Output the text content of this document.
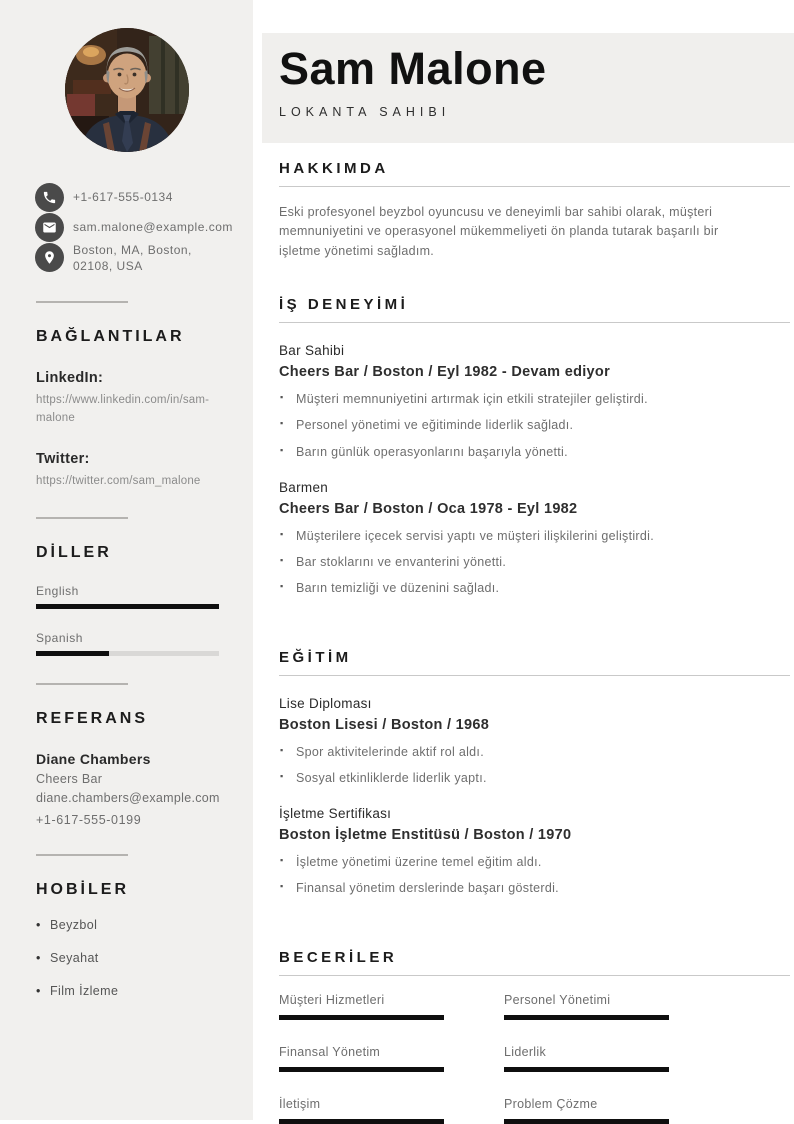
+1-617-555-0134
sam.malone@example.com
Boston, MA, Boston, 02108, USA
BAĞLANTILAR
LinkedIn:
https://www.linkedin.com/in/sam-malone
Twitter:
https://twitter.com/sam_malone
DİLLER
English
Spanish
REFERANS
Diane Chambers
Cheers Bar
diane.chambers@example.com
+1-617-555-0199
HOBİLER
• Beyzbol
• Seyahat
• Film İzleme
Sam Malone
LOKANTA SAHIBI
HAKKIMDA

Eski profesyonel beyzbol oyuncusu ve deneyimli bar sahibi olarak, müşteri memnuniyetini ve operasyonel mükemmeliyeti ön planda tutarak başarılı bir işletme yönetimi sağladım.

İŞ DENEYİMİ
Bar Sahibi
Cheers Bar / Boston / Eyl 1982 - Devam ediyor
▪ Müşteri memnuniyetini artırmak için etkili stratejiler geliştirdi.
▪ Personel yönetimi ve eğitiminde liderlik sağladı.
▪ Barın günlük operasyonlarını başarıyla yönetti.
Barmen
Cheers Bar / Boston / Oca 1978 - Eyl 1982
▪ Müşterilere içecek servisi yaptı ve müşteri ilişkilerini geliştirdi.
▪ Bar stoklarını ve envanterini yönetti.
▪ Barın temizliği ve düzenini sağladı.
EĞİTİM
Lise Diploması
Boston Lisesi / Boston / 1968
▪ Spor aktivitelerinde aktif rol aldı.
▪ Sosyal etkinliklerde liderlik yaptı.
İşletme Sertifikası
Boston İşletme Enstitüsü / Boston / 1970
▪ İşletme yönetimi üzerine temel eğitim aldı.
▪ Finansal yönetim derslerinde başarı gösterdi.
BECERİLER
Müşteri Hizmetleri	Personel Yönetimi
Finansal Yönetim	Liderlik
İletişim	Problem Çözme
